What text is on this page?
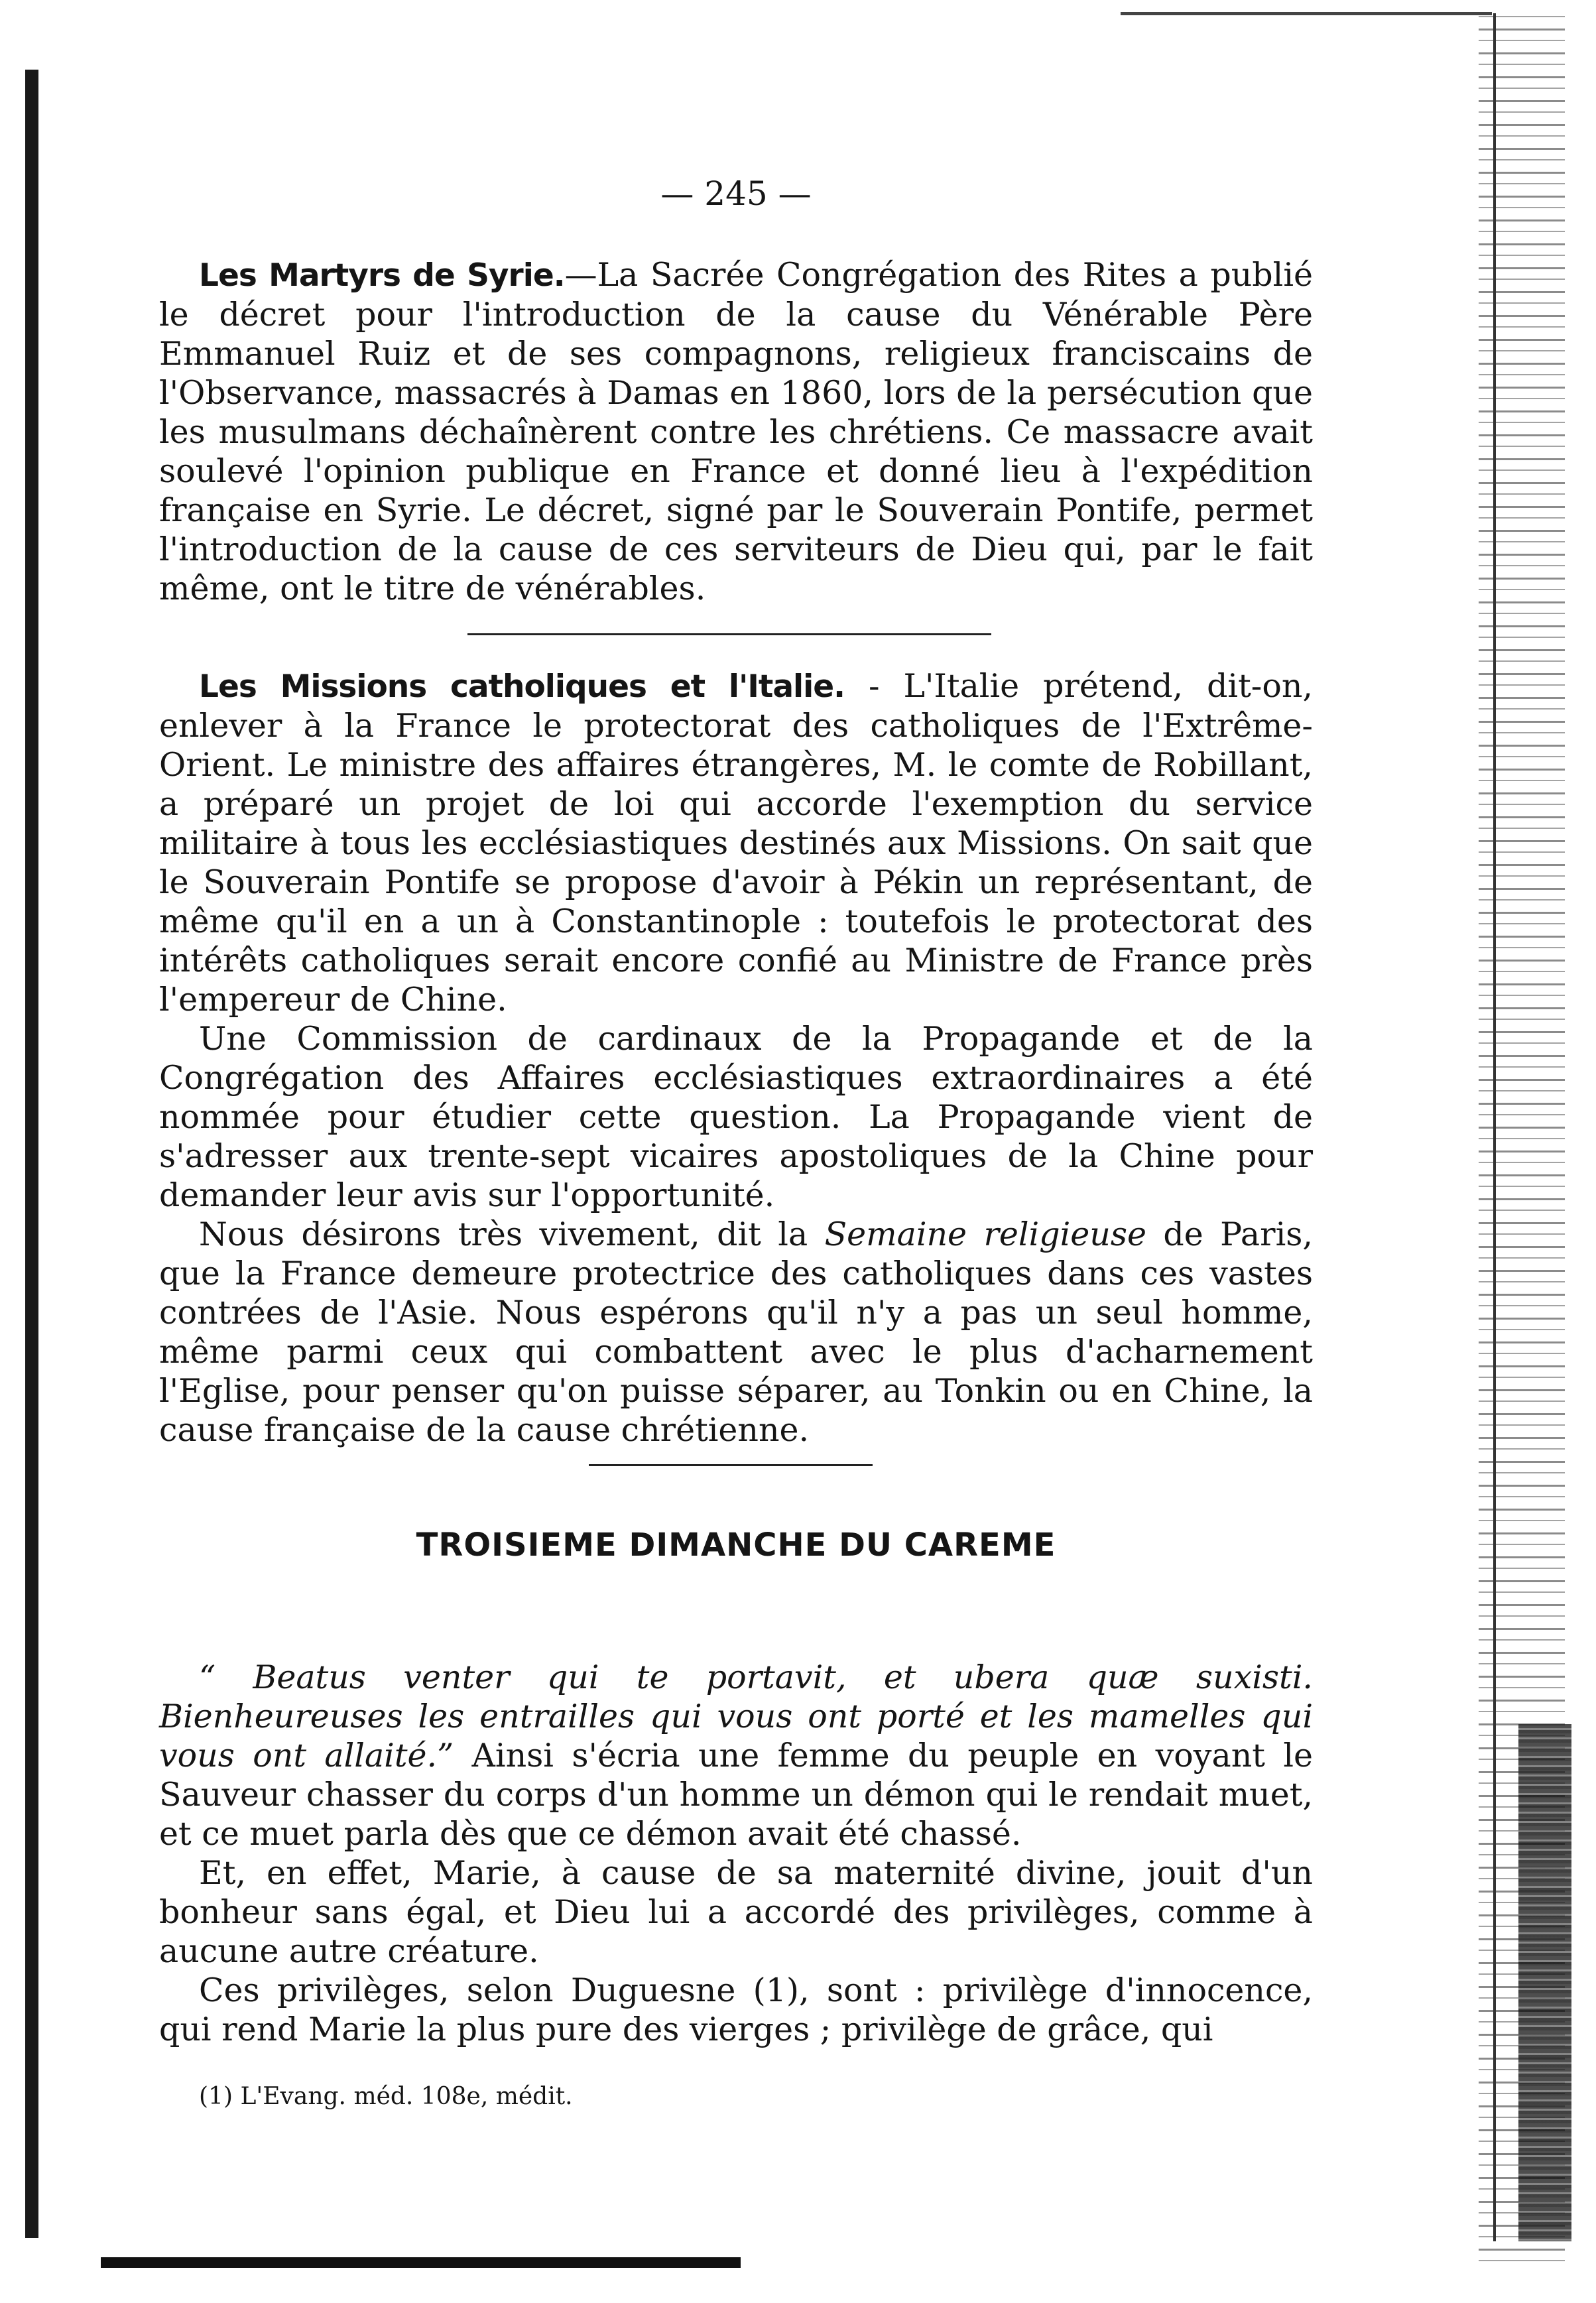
— 245 —

Les Martyrs de Syrie.—La Sacrée Congrégation des Rites a publié le décret pour l'introduction de la cause du Vénérable Père Emmanuel Ruiz et de ses compagnons, religieux franciscains de l'Observance, massacrés à Damas en 1860, lors de la persécution que les musulmans déchaînèrent contre les chrétiens. Ce massacre avait soulevé l'opinion publique en France et donné lieu à l'expédition française en Syrie. Le décret, signé par le Souverain Pontife, permet l'introduction de la cause de ces serviteurs de Dieu qui, par le fait même, ont le titre de vénérables.

Les Missions catholiques et l'Italie. - L'Italie prétend, dit-on, enlever à la France le protectorat des catholiques de l'Extrême-Orient. Le ministre des affaires étrangères, M. le comte de Robillant, a préparé un projet de loi qui accorde l'exemption du service militaire à tous les ecclésiastiques destinés aux Missions. On sait que le Souverain Pontife se propose d'avoir à Pékin un représentant, de même qu'il en a un à Constantinople : toutefois le protectorat des intérêts catholiques serait encore confié au Ministre de France près l'empereur de Chine.

Une Commission de cardinaux de la Propagande et de la Congrégation des Affaires ecclésiastiques extraordinaires a été nommée pour étudier cette question. La Propagande vient de s'adresser aux trente-sept vicaires apostoliques de la Chine pour demander leur avis sur l'opportunité.

Nous désirons très vivement, dit la Semaine religieuse de Paris, que la France demeure protectrice des catholiques dans ces vastes contrées de l'Asie. Nous espérons qu'il n'y a pas un seul homme, même parmi ceux qui combattent avec le plus d'acharnement l'Eglise, pour penser qu'on puisse séparer, au Tonkin ou en Chine, la cause française de la cause chrétienne.

TROISIEME DIMANCHE DU CAREME

“ Beatus venter qui te portavit, et ubera quæ suxisti. Bienheureuses les entrailles qui vous ont porté et les mamelles qui vous ont allaité.” Ainsi s'écria une femme du peuple en voyant le Sauveur chasser du corps d'un homme un démon qui le rendait muet, et ce muet parla dès que ce démon avait été chassé.

Et, en effet, Marie, à cause de sa maternité divine, jouit d'un bonheur sans égal, et Dieu lui a accordé des privilèges, comme à aucune autre créature.

Ces privilèges, selon Duguesne (1), sont : privilège d'innocence, qui rend Marie la plus pure des vierges ; privilège de grâce, qui

(1) L'Evang. méd. 108e, médit.
